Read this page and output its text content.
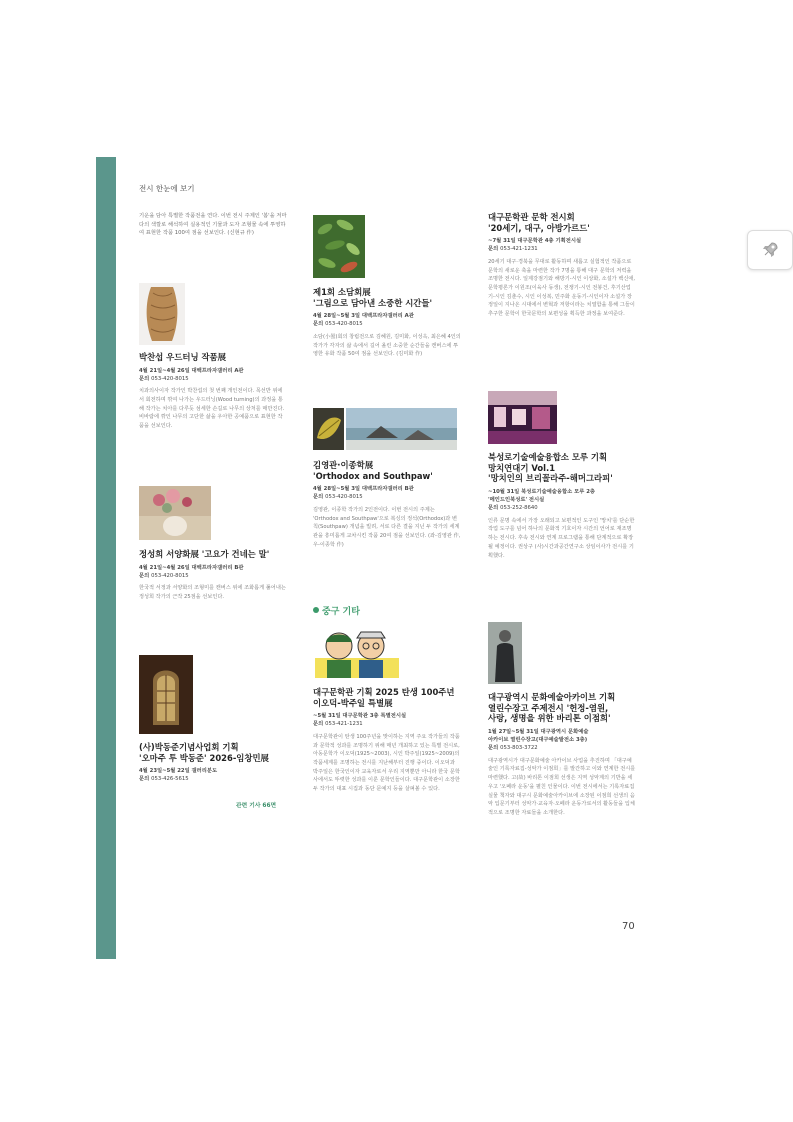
전시 한눈에 보기
기운을 담아 특별한 작품전을 연다. 이번 전시 주제인 '봄'을 저마다의 색깔로 해석하여 실용적인 기물과 도자 조형물 속에 투영하여 표현한 작품 100여 점을 선보인다. (신현규 作)
박찬섭 우드터닝 작품展
4월 21일~4월 26일 대백프라자갤러리 A관
문의 053-420-8015
치과의사이자 작가인 박찬섭의 첫 번째 개인전이다. 목선반 위에서 회전하며 깎여 나가는 우드터닝(Wood turning)의 과정을 통해 작가는 치아를 다루듯 섬세한 손길로 나무의 상처를 매만진다. 비바람에 깎인 나무의 고단한 삶을 우아한 공예품으로 표현한 작품을 선보인다.
정성희 서양화展 '고요가 건네는 말'
4월 21일~4월 26일 대백프라자갤러리 B관
문의 053-420-8015
한국적 서정과 서양화의 조형미를 캔버스 위에 조화롭게 풀어내는 정성희 작가의 근작 25점을 선보인다.
(사)박동준기념사업회 기획
'오마주 투 박동준' 2026-임창민展
4월 23일~5월 22일 갤러리분도
문의 053-426-5615
관련 기사 66면
제1회 소담회展
'그림으로 담아낸 소중한 시간들'
4월 28일~5월 3일 대백프라자갤러리 A관
문의 053-420-8015
소담(小曇)회의 창립전으로 김혜원, 김미화, 이성옥, 최은혜 4인의 작가가 각자의 삶 속에서 길어 올린 소중한 순간들을 캔버스에 투영한 유화 작품 50여 점을 선보인다. (김미화 作)
김영관·이종학展
'Orthodox and Southpaw'
4월 28일~5월 3일 대백프라자갤러리 B관
문의 053-420-8015
김영관, 이종학 작가의 2인전이다. 이번 전시의 주제는 'Orthodox and Southpaw'으로 복싱의 정석(Orthodox)과 변칙(Southpaw) 개념을 빌려, 서로 다른 결을 지닌 두 작가의 세계관을 흥미롭게 교차시킨 작품 20여 점을 선보인다. (좌-김영관 作, 우-이종학 作)
중구 기타
대구문학관 기획 2025 탄생 100주년
이오덕-박주일 특별展
~5월 31일 대구문학관 3층 특별전시실
문의 053-421-1231
대구문학관이 탄생 100주년을 맞이하는 지역 주요 작가들의 작품과 문학적 성과를 조명하기 위해 매년 개최하고 있는 특별 전시로, 아동문학가 이오덕(1925~2003), 시인 박주일(1925~2009)의 작품세계를 조명하는 전시를 지난해부터 진행 중이다. 이오덕과 박주일은 한국인이자 교육자로서 우리 지역뿐만 아니라 한국 문학사에서도 뚜렷한 성과를 이룬 문학인들이다. 대구문학관이 소장한 두 작가의 대표 시집과 동단 문예지 등을 살펴볼 수 있다.
대구문학관 문학 전시회
'20세기, 대구, 아방가르드'
~7월 31일 대구문학관 4층 기획전시실
문의 053-421-1231
20세기 대구·경북을 무대로 활동하며 새롭고 실험적인 작품으로 문학의 새로운 축을 마련한 작가 7명을 통해 대구 문학의 저력을 조명한 전시다. 일제강점기와 해방기-시인 이상화, 소설가 백신애, 문학평론가 이원조(이육사 동생), 전쟁기-시인 전봉건, 후기산업기-시인 김춘수, 시인 이성복, 민주화 운동기-시인이자 소설가 장정일이 지나온 시대에서 변혁과 저항이라는 치열함을 통해 그들이 추구한 문학이 한국문학의 보편성을 획득한 과정을 보여준다.
북성로기술예술융합소 모루 기획
망치연대기 Vol.1
'망치인의 브리꼴라주-해머그라피'
~10월 31일 북성로기술예술융합소 모루 2층
'메인드인북성로' 전시실
문의 053-252-8640
인류 문명 속에서 가장 오래되고 보편적인 도구인 '망치'를 단순한 작업 도구를 넘어 하나의 문화적 기호이자 시간의 언어로 재조명하는 전시다. 후속 전시와 연계 프로그램을 통해 단계적으로 확장될 예정이다. 권상구 (사)시간과공간연구소 상임이사가 전시를 기획했다.
대구광역시 문화예술아카이브 기획
열린수장고 주제전시 '헌정-염원,
사랑, 생명을 위한 바리톤 이점희'
1월 27일~5월 31일 대구광역시 문화예술
아카이브 열린수장고(대구예술발전소 3층)
문의 053-803-3722
대구광역시가 대구문화예술 아카이브 사업을 추진하며 「대구예술인 기록자료집-성악가 이점희」를 발간하고 이와 연계한 전시를 마련했다. 고(故) 바리톤 이점희 선생은 지역 성악계의 기반을 세우고 '오페라 운동'을 펼친 인물이다. 이번 전시에서는 기록자료집 실물 책자와 대구시 문화예술아카이브에 소장된 이점희 선생의 음악 입문기부터 성악가·교육자·오페라 운동가로서의 활동들을 입체적으로 조명한 자료들을 소개한다.
70
